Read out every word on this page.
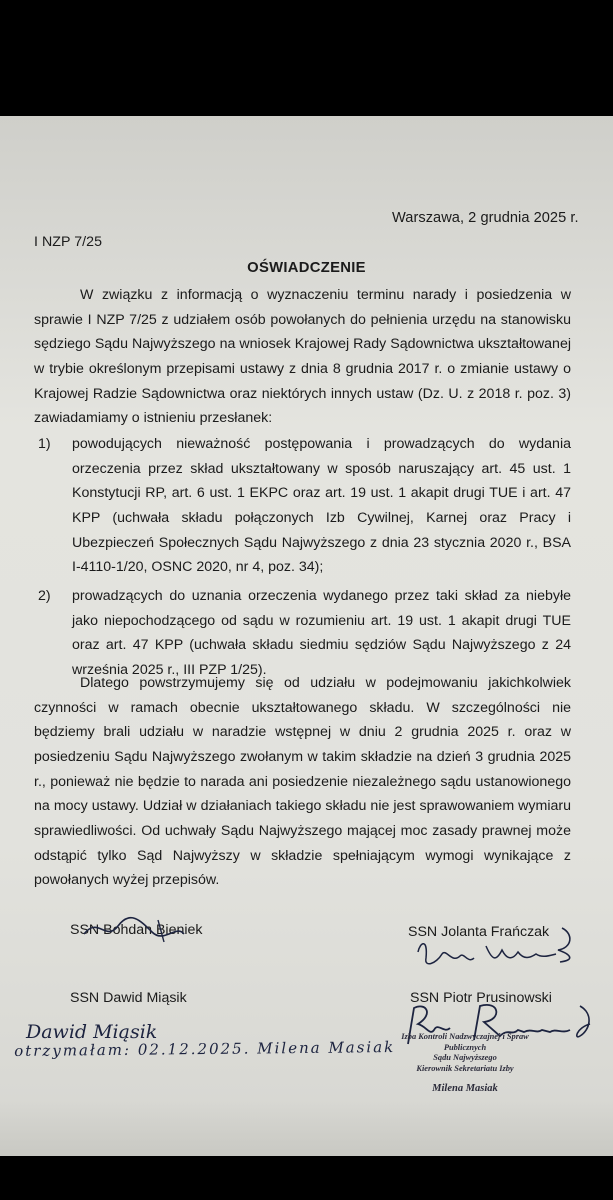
Warszawa, 2 grudnia 2025 r.
I NZP 7/25
OŚWIADCZENIE

W związku z informacją o wyznaczeniu terminu narady i posiedzenia w sprawie I NZP 7/25 z udziałem osób powołanych do pełnienia urzędu na stanowisku sędziego Sądu Najwyższego na wniosek Krajowej Rady Sądownictwa ukształtowanej w trybie określonym przepisami ustawy z dnia 8 grudnia 2017 r. o zmianie ustawy o Krajowej Radzie Sądownictwa oraz niektórych innych ustaw (Dz. U. z 2018 r. poz. 3) zawiadamiamy o istnieniu przesłanek:

1) powodujących nieważność postępowania i prowadzących do wydania orzeczenia przez skład ukształtowany w sposób naruszający art. 45 ust. 1 Konstytucji RP, art. 6 ust. 1 EKPC oraz art. 19 ust. 1 akapit drugi TUE i art. 47 KPP (uchwała składu połączonych Izb Cywilnej, Karnej oraz Pracy i Ubezpieczeń Społecznych Sądu Najwyższego z dnia 23 stycznia 2020 r., BSA I-4110-1/20, OSNC 2020, nr 4, poz. 34);
2) prowadzących do uznania orzeczenia wydanego przez taki skład za niebyłe jako niepochodzącego od sądu w rozumieniu art. 19 ust. 1 akapit drugi TUE oraz art. 47 KPP (uchwała składu siedmiu sędziów Sądu Najwyższego z 24 września 2025 r., III PZP 1/25).

Dlatego powstrzymujemy się od udziału w podejmowaniu jakichkolwiek czynności w ramach obecnie ukształtowanego składu. W szczególności nie będziemy brali udziału w naradzie wstępnej w dniu 2 grudnia 2025 r. oraz w posiedzeniu Sądu Najwyższego zwołanym w takim składzie na dzień 3 grudnia 2025 r., ponieważ nie będzie to narada ani posiedzenie niezależnego sądu ustanowionego na mocy ustawy. Udział w działaniach takiego składu nie jest sprawowaniem wymiaru sprawiedliwości. Od uchwały Sądu Najwyższego mającej moc zasady prawnej może odstąpić tylko Sąd Najwyższy w składzie spełniającym wymogi wynikające z powołanych wyżej przepisów.

SSN Bohdan Bieniek	SSN Jolanta Frańczak
SSN Dawid Miąsik	SSN Piotr Prusinowski
Dawid Miąsik	Izba Kontroli Nadzwyczajnej i Spraw Publicznych
Sądu Najwyższego
Kierownik Sekretariatu Izby
Milena Masiak
otrzymałam: 02.12.2025. Milena Masiak
